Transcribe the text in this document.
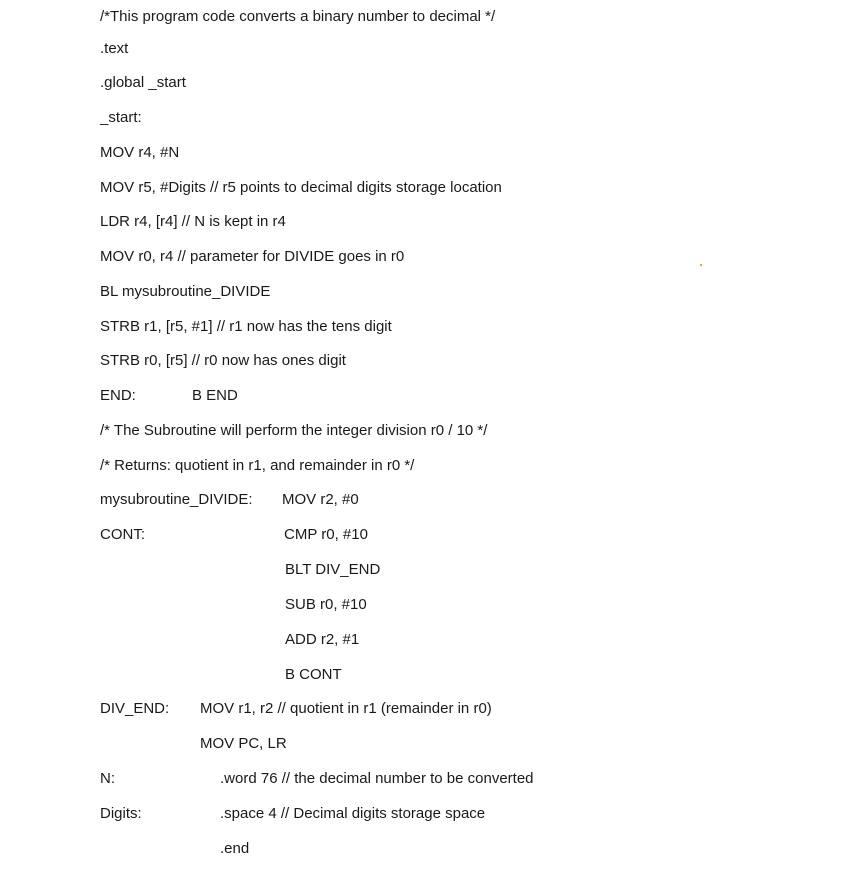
/*This program code converts a binary number to decimal */
.text
.global _start
_start:
MOV r4, #N
MOV r5, #Digits // r5 points to decimal digits storage location
LDR r4, [r4] // N is kept in r4
MOV r0, r4 // parameter for DIVIDE goes in r0
BL mysubroutine_DIVIDE
STRB r1, [r5, #1] // r1 now has the tens digit
STRB r0, [r5] // r0 now has ones digit
END:	B END
/* The Subroutine will perform the integer division r0 / 10 */
/* Returns: quotient in r1, and remainder in r0 */
mysubroutine_DIVIDE: MOV r2, #0
CONT:	CMP r0, #10
BLT DIV_END
SUB r0, #10
ADD r2, #1
B CONT
DIV_END: MOV r1, r2 // quotient in r1 (remainder in r0)
MOV PC, LR
N:	.word 76 // the decimal number to be converted
Digits:	.space 4 // Decimal digits storage space
.end
